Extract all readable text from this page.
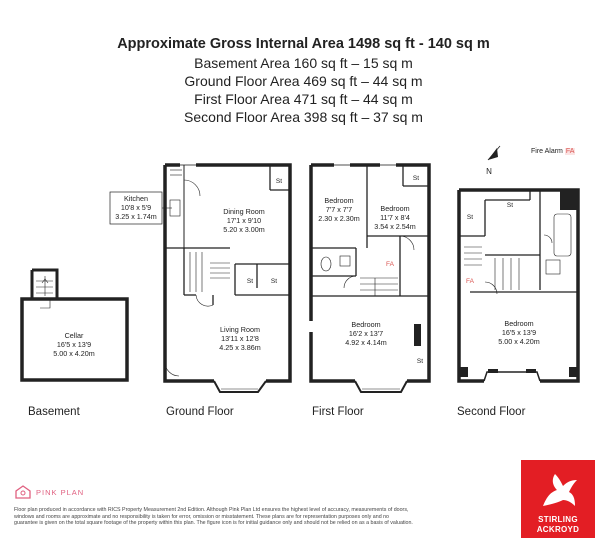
Approximate Gross Internal Area 1498 sq ft - 140 sq m
Basement Area 160 sq ft – 15 sq m
Ground Floor Area 469 sq ft – 44 sq m
First Floor Area 471 sq ft – 44 sq m
Second Floor Area 398 sq ft – 37 sq m
N
Cellar
16'5 x 13'9
5.00 x 4.20m
Kitchen
10'8 x 5'9
3.25 x 1.74m
Dining Room
17'1 x 9'10
5.20 x 3.00m
Living Room
13'11 x 12'8
4.25 x 3.86m
St
St	St
Bedroom
7'7 x 7'7
2.30 x 2.30m
Bedroom
11'7 x 8'4
3.54 x 2.54m
Bedroom
16'2 x 13'7
4.92 x 4.14m
St
St
FA
Bedroom
16'5 x 13'9
5.00 x 4.20m
St
St
FA
Fire Alarm FA
Basement	Ground Floor	First Floor	Second Floor
PINK PLAN
Floor plan produced in accordance with RICS Property Measurement 2nd Edition. Although Pink Plan Ltd ensures the highest level of accuracy, measurements of doors, windows and rooms are approximate and no responsibility is taken for error, omission or misstatement. These plans are for representation purposes only and no guarantee is given on the total square footage of the property within this plan. The figure icon is for initial guidance only and should not be relied on as a basis of valuation.	STIRLING
ACKROYD
